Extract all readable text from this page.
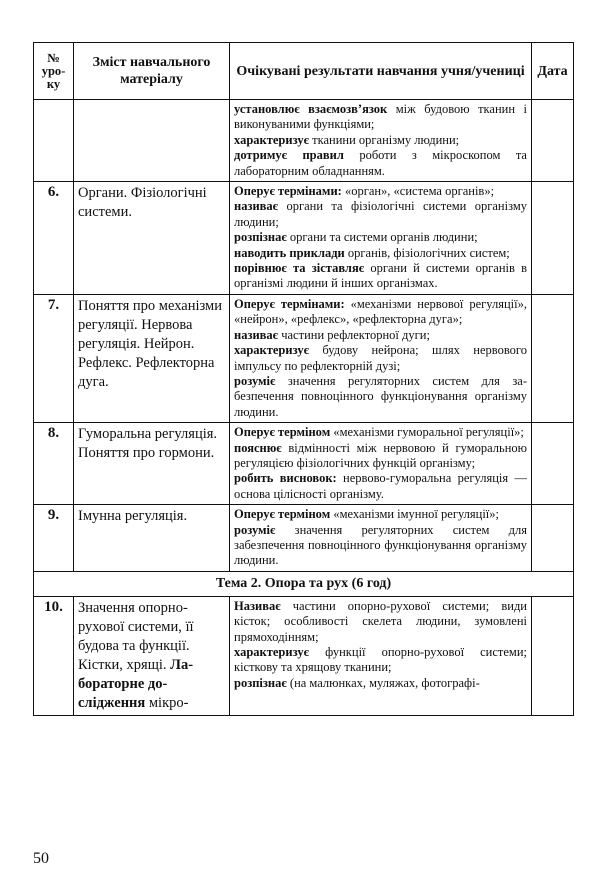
№ уроку	Зміст навчального матеріалу	Очікувані результати навчання учня/учениці	Дата

		установлює взаємозв’язок між будовою тканин і виконуваними функціями;

характеризує тканини організму людини;

дотримує правил роботи з мікроскопом та лабораторним обладнанням.	

6.	Органи. Фізіологічні системи.	Оперує термінами: «орган», «система органів»;

називає органи та фізіологічні системи організму людини;

розпізнає органи та системи органів людини;

наводить приклади органів, фізіологічних систем;

порівнює та зіставляє органи й системи органів в організмі людини й інших організмах.	

7.	Поняття про механізми регуляції. Нервова регуляція. Нейрон. Рефлекс. Рефлекторна дуга.	Оперує термінами: «механізми нервової регуляції», «нейрон», «рефлекс», «рефлекторна дуга»;

називає частини рефлекторної дуги;

характеризує будову нейрона; шлях нервового імпульсу по рефлекторній дузі;

розуміє значення регуляторних систем для забезпечення повноцінного функціонування організму людини.	

8.	Гуморальна регуляція. Поняття про гормони.	Оперує терміном «механізми гуморальної регуляції»;

пояснює відмінності між нервовою й гуморальною регуляцією фізіологічних функцій організму;

робить висновок: нервово-гуморальна регуляція — основа цілісності організму.	

9.	Імунна регуляція.	Оперує терміном «механізми імунної регуляції»;

розуміє значення регуляторних систем для забезпечення повноцінного функціонування організму людини.	

Тема 2. Опора та рух (6 год)			
10.	Значення опорно-рухової системи, її будова та функції. Кістки, хрящі. Лабораторне дослідження мікро-	Називає частини опорно-рухової системи; види кісток; особливості скелета людини, зумовлені прямоходінням;

характеризує функції опорно-рухової системи; кісткову та хрящову тканини;

розпізнає (на малюнках, муляжах, фотографі-	

50
